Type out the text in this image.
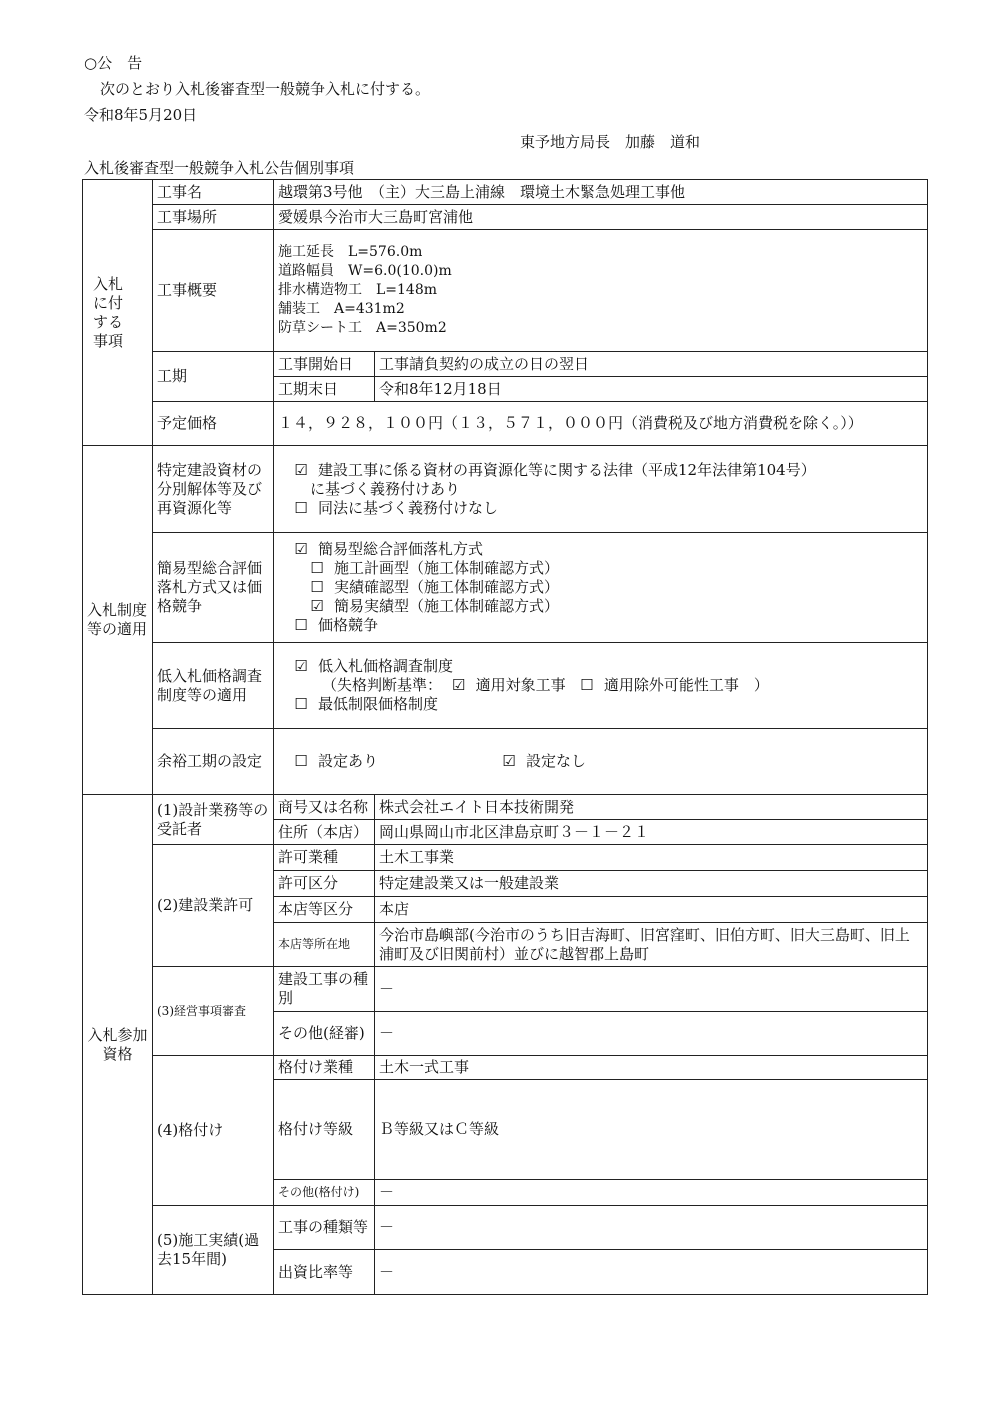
○公　告
次のとおり入札後審査型一般競争入札に付する。
令和8年5月20日
東予地方局長　加藤　道和
入札後審査型一般競争入札公告個別事項
入札に付する事項	工事名	越環第3号他　（主）大三島上浦線　環境土木緊急処理工事他	
	工事場所	愛媛県今治市大三島町宮浦他	
	工事概要	施工延長　L=576.0m
道路幅員　W=6.0(10.0)m
排水構造物工　L=148m
舗装工　A=431m2
防草シート工　A=350m2	

	工期	工事開始日	工事請負契約の成立の日の翌日
		工期末日	令和8年12月18日
	予定価格	１４，９２８，１００円（１３，５７１，０００円（消費税及び地方消費税を除く。））	
入札制度等の適用	特定建設資材の分別解体等及び再資源化等	☑ 建設工事に係る資材の再資源化等に関する法律（平成12年法律第104号）
に基づく義務付けあり
☐ 同法に基づく義務付けなし	

	簡易型総合評価落札方式又は価格競争	☑ 簡易型総合評価落札方式
☐ 施工計画型（施工体制確認方式）
☐ 実績確認型（施工体制確認方式）
☑ 簡易実績型（施工体制確認方式）
☐ 価格競争	

	低入札価格調査制度等の適用	☑ 低入札価格調査制度
（失格判断基準： ☑ 適用対象工事 ☐ 適用除外可能性工事　）
☐ 最低制限価格制度	

	余裕工期の設定	☐ 設定あり ☑ 設定なし	
入札参加資格	(1)設計業務等の受託者	商号又は名称	株式会社エイト日本技術開発
		住所（本店）	岡山県岡山市北区津島京町３－１－２１
	(2)建設業許可	許可業種	土木工事業
		許可区分	特定建設業又は一般建設業
		本店等区分	本店
		本店等所在地	今治市島嶼部(今治市のうち旧吉海町、旧宮窪町、旧伯方町、旧大三島町、旧上浦町及び旧関前村）並びに越智郡上島町
	(3)経営事項審査	建設工事の種別	－
		その他(経審)	－
	(4)格付け	格付け業種	土木一式工事
		格付け等級	Ｂ等級又はＣ等級
		その他(格付け)	－
	(5)施工実績(過去15年間)	工事の種類等	－
		出資比率等	－
